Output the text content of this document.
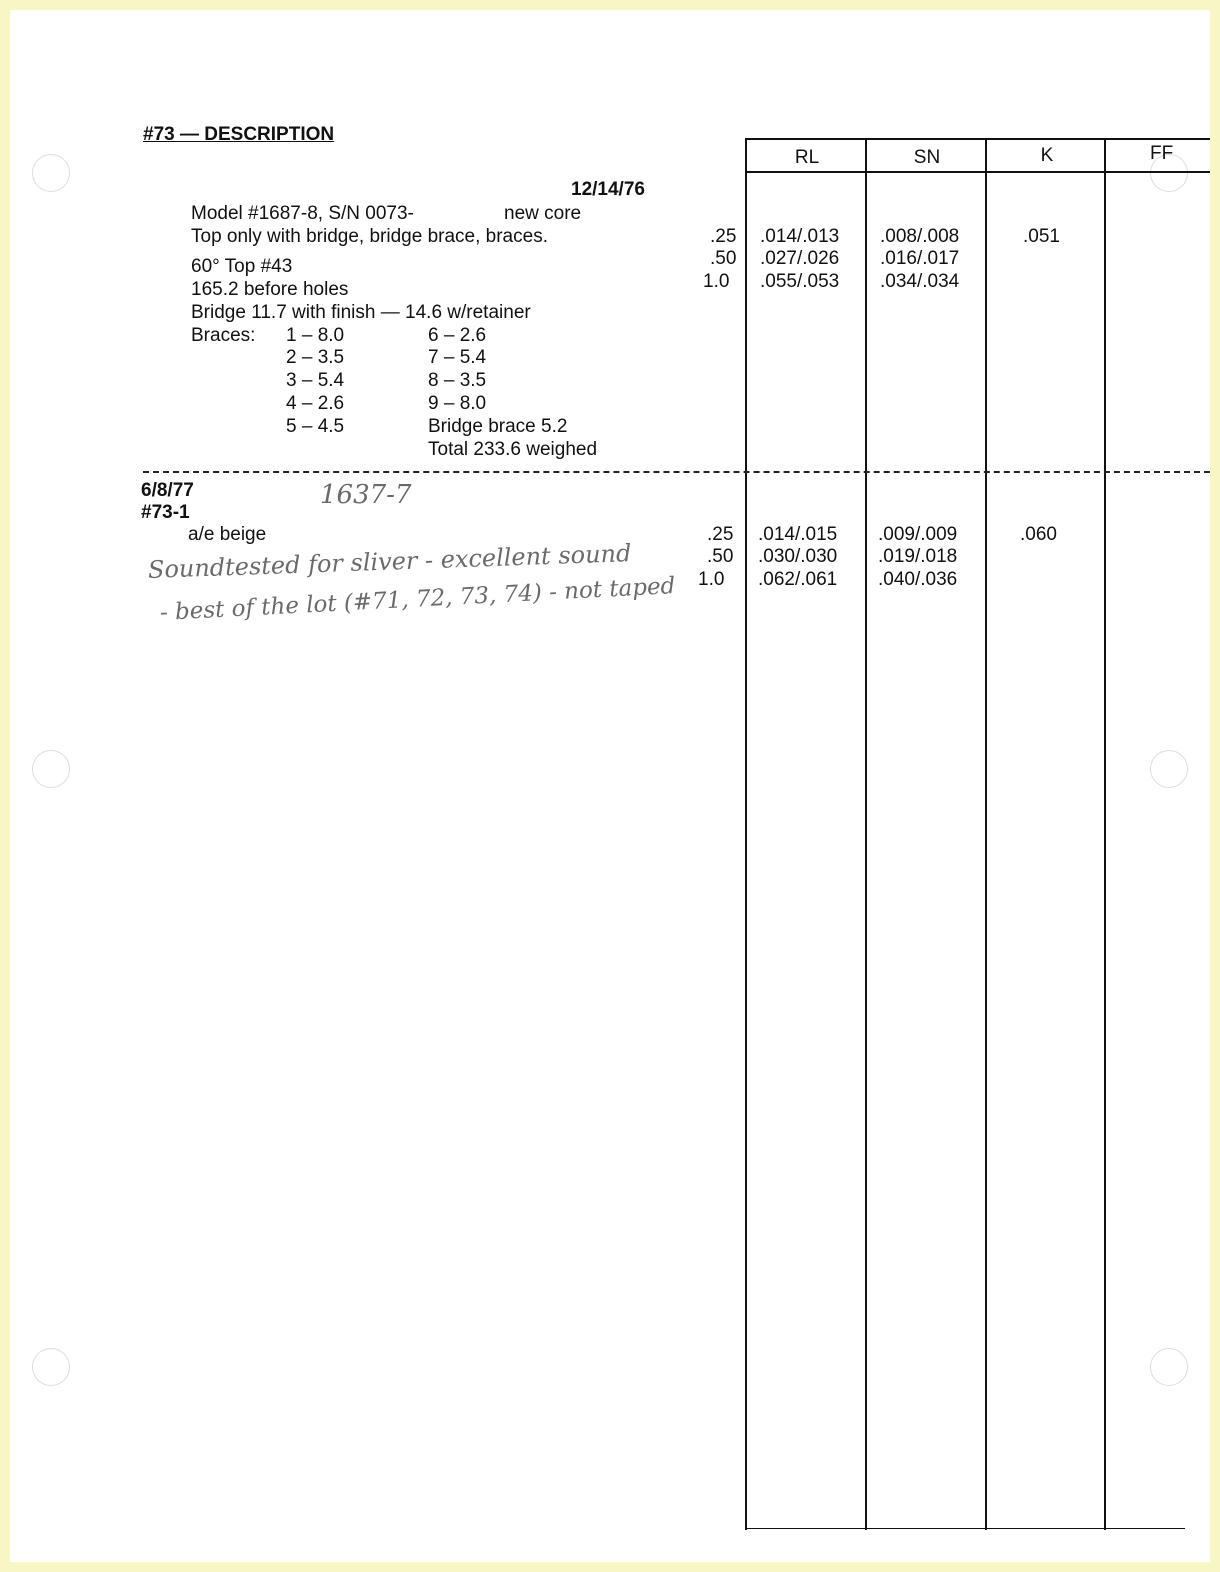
#73 — DESCRIPTION
RL	SN	K	FF
12/14/76
Model #1687-8, S/N 0073-	new core
Top only with bridge, bridge brace, braces.
60° Top #43
165.2 before holes
Bridge 11.7 with finish — 14.6 w/retainer
Braces: 1 – 8.0
2 – 3.5
3 – 5.4
4 – 2.6
5 – 4.5
6 – 2.6
7 – 5.4
8 – 3.5
9 – 8.0
Bridge brace 5.2
Total 233.6 weighed
.25 .014/.013 .008/.008	.051
.50 .027/.026 .016/.017
1.0 .055/.053 .034/.034
6/8/77	1637-7
#73-1
a/e beige
Soundtested for sliver - excellent sound
- best of the lot (#71, 72, 73, 74) - not taped
.25 .014/.015 .009/.009	.060
.50 .030/.030 .019/.018
1.0 .062/.061 .040/.036
